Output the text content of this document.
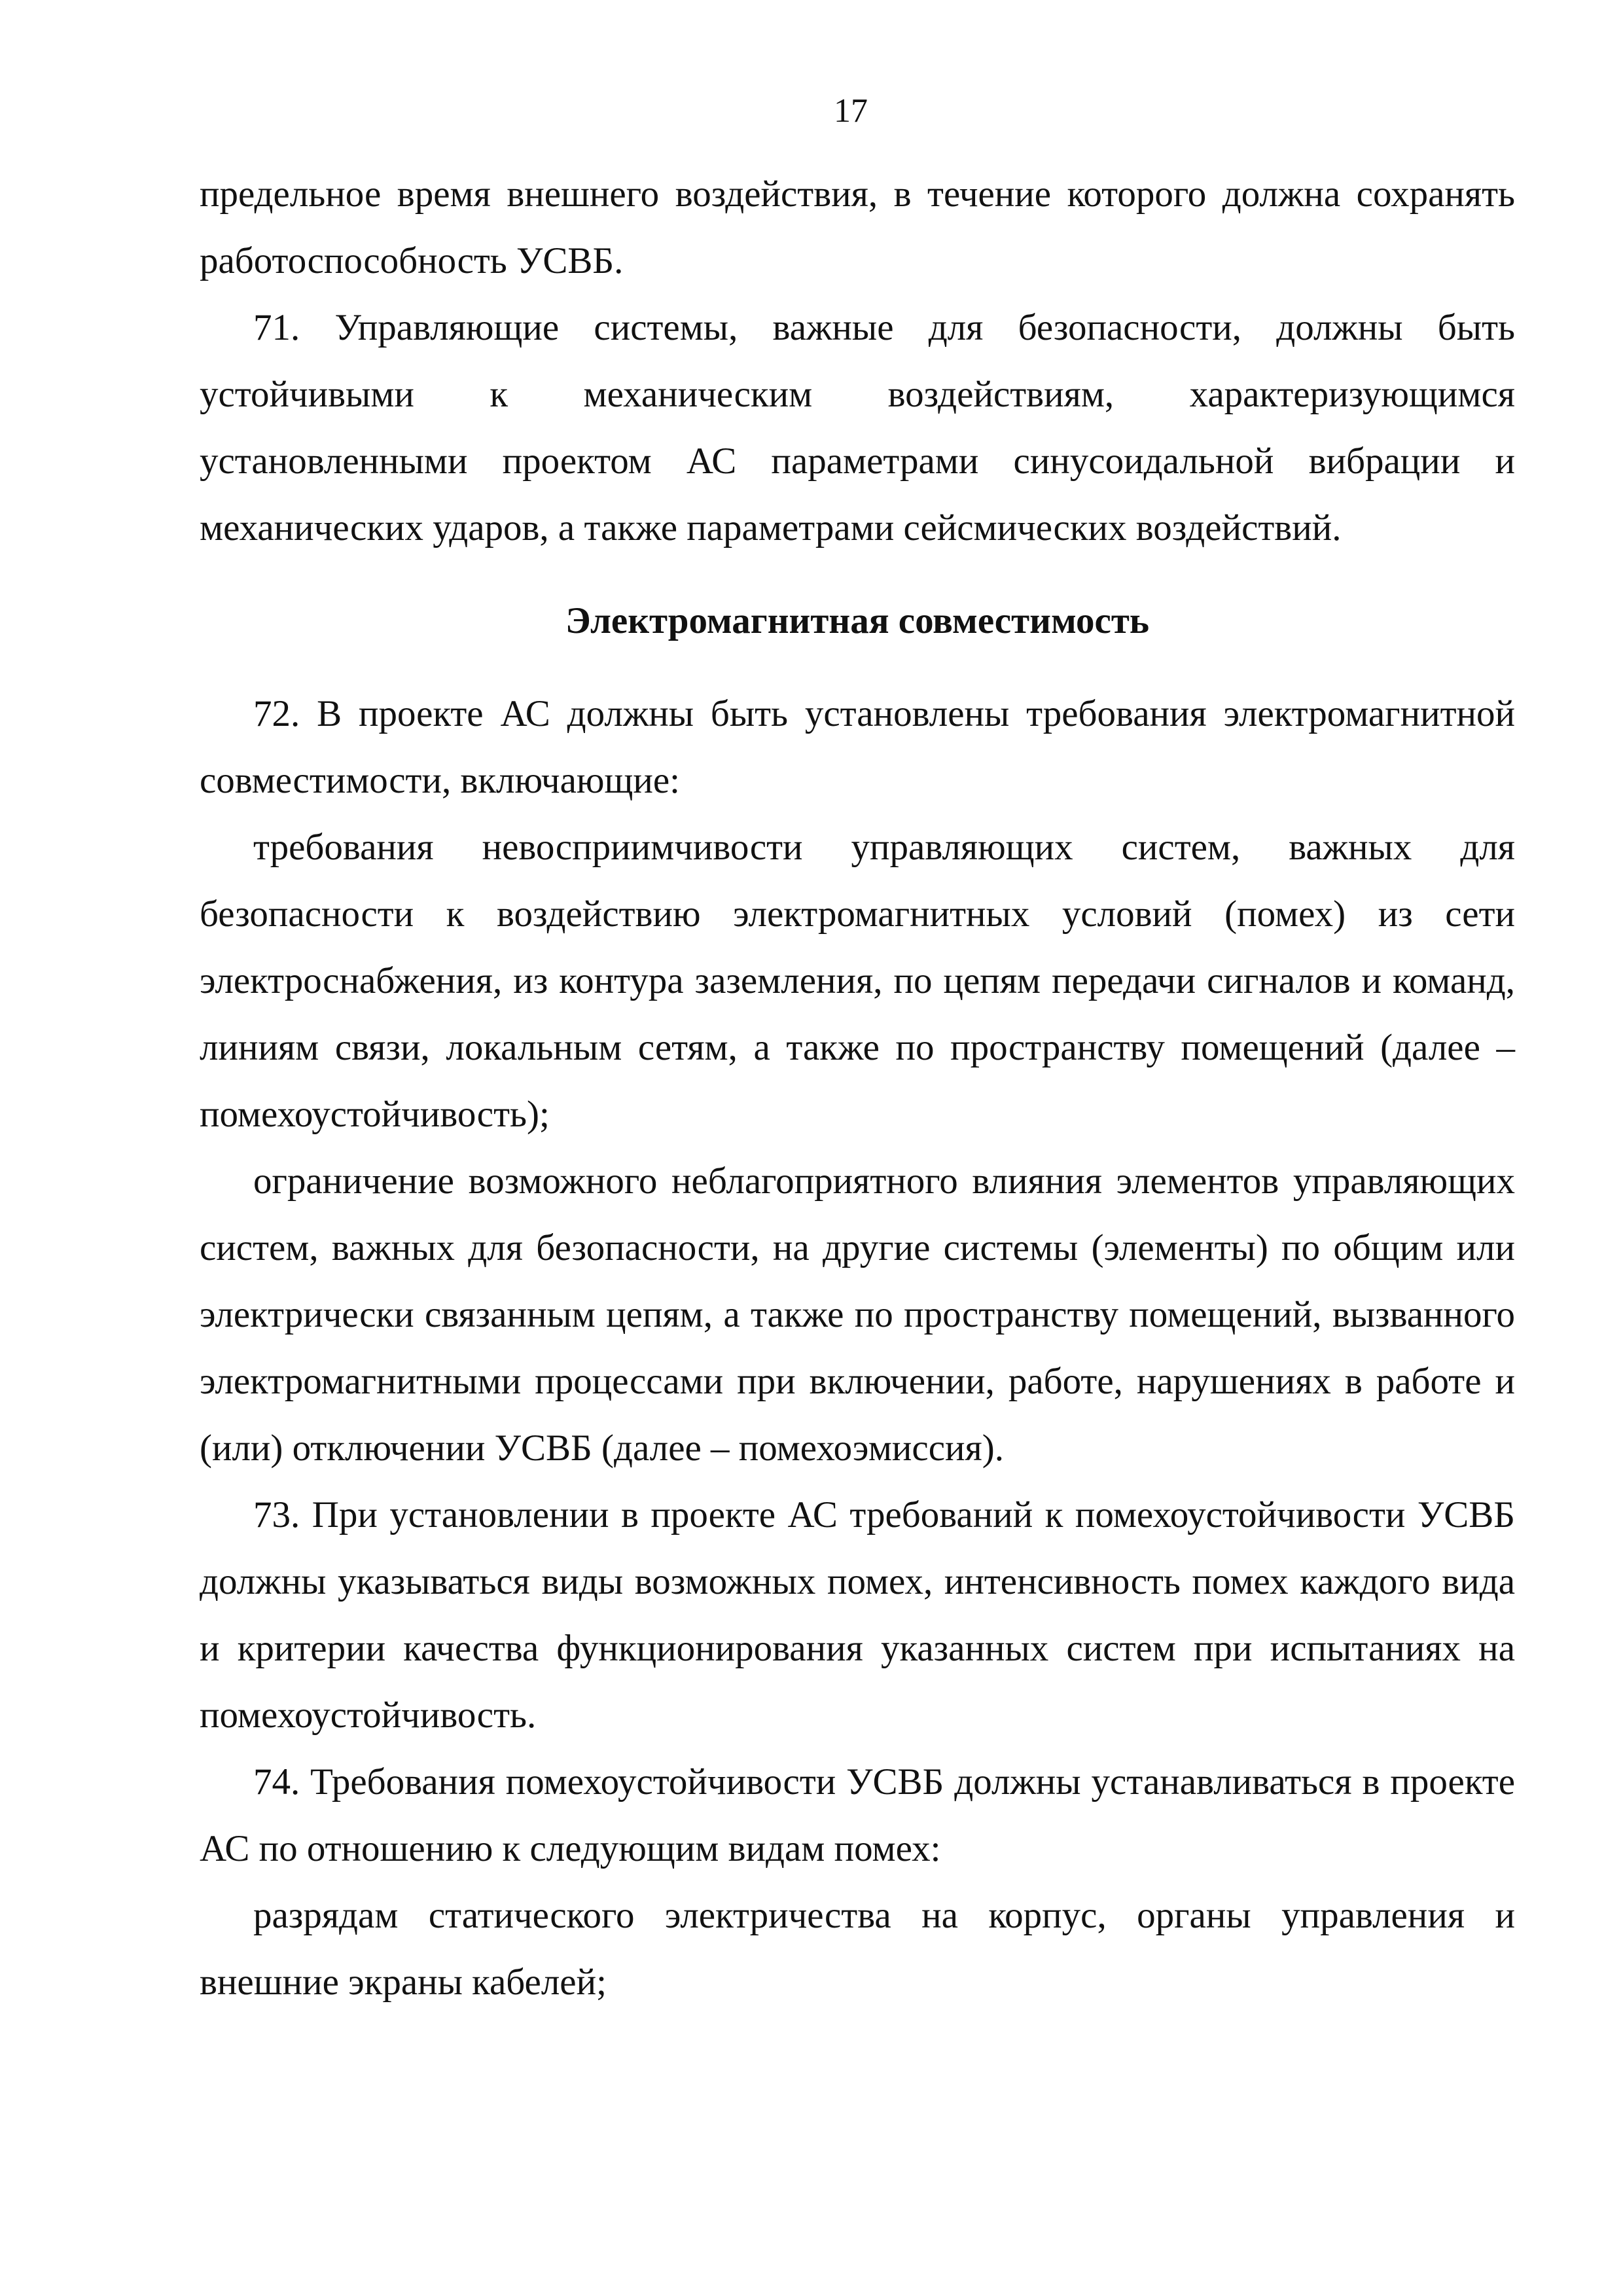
17

предельное время внешнего воздействия, в течение которого должна сохранять работоспособность УСВБ.

71. Управляющие системы, важные для безопасности, должны быть устойчивыми к механическим воздействиям, характеризующимся установленными проектом АС параметрами синусоидальной вибрации и механических ударов, а также параметрами сейсмических воздействий.

Электромагнитная совместимость

72. В проекте АС должны быть установлены требования электромагнитной совместимости, включающие:

требования невосприимчивости управляющих систем, важных для безопасности к воздействию электромагнитных условий (помех) из сети электроснабжения, из контура заземления, по цепям передачи сигналов и команд, линиям связи, локальным сетям, а также по пространству помещений (далее – помехоустойчивость);

ограничение возможного неблагоприятного влияния элементов управляющих систем, важных для безопасности, на другие системы (элементы) по общим или электрически связанным цепям, а также по пространству помещений, вызванного электромагнитными процессами при включении, работе, нарушениях в работе и (или) отключении УСВБ (далее – помехоэмиссия).

73. При установлении в проекте АС требований к помехоустойчивости УСВБ должны указываться виды возможных помех, интенсивность помех каждого вида и критерии качества функционирования указанных систем при испытаниях на помехоустойчивость.

74. Требования помехоустойчивости УСВБ должны устанавливаться в проекте АС по отношению к следующим видам помех:

разрядам статического электричества на корпус, органы управления и внешние экраны кабелей;
